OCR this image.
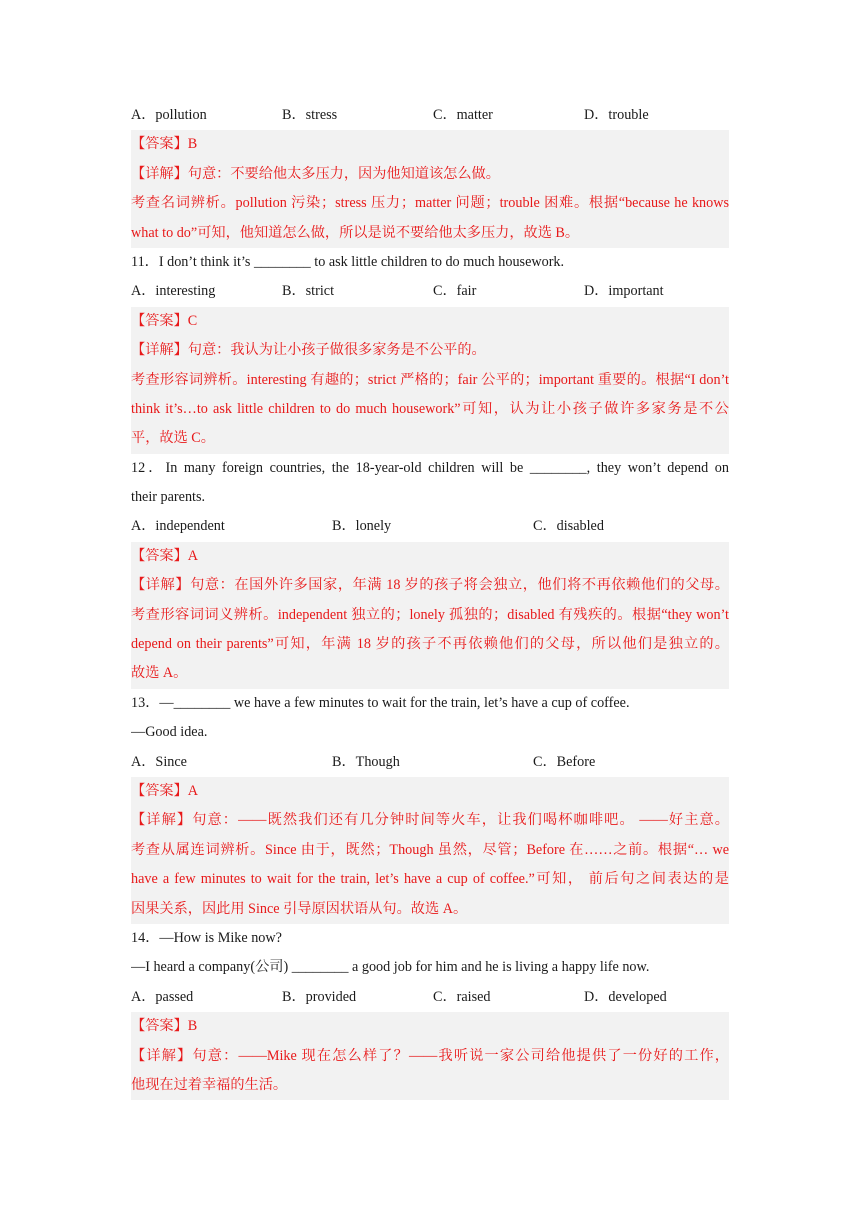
A．pollution	B．stress	C．matter	D．trouble
【答案】B
【详解】句意：不要给他太多压力，因为他知道该怎么做。
考查名词辨析。pollution 污染；stress 压力；matter 问题；trouble 困难。根据“because he knows
what to do”可知，他知道怎么做，所以是说不要给他太多压力，故选 B。
11．I don’t think it’s ________ to ask little children to do much housework.
A．interesting	B．strict	C．fair	D．important
【答案】C
【详解】句意：我认为让小孩子做很多家务是不公平的。
考查形容词辨析。interesting 有趣的；strict 严格的；fair 公平的；important 重要的。根据“I don’t
think it’s…to ask little children to do much housework”可知，认为让小孩子做许多家务是不公
平，故选 C。
12．In many foreign countries, the 18-year-old children will be ________, they won’t depend on
their parents.
A．independent	B．lonely	C．disabled
【答案】A
【详解】句意：在国外许多国家，年满 18 岁的孩子将会独立，他们将不再依赖他们的父母。
考查形容词词义辨析。independent 独立的；lonely 孤独的；disabled 有残疾的。根据“they won’t
depend on their parents”可知，年满 18 岁的孩子不再依赖他们的父母，所以他们是独立的。
故选 A。
13．—________ we have a few minutes to wait for the train, let’s have a cup of coffee.
—Good idea.
A．Since	B．Though	C．Before
【答案】A
【详解】句意：——既然我们还有几分钟时间等火车，让我们喝杯咖啡吧。 ——好主意。
考查从属连词辨析。Since 由于，既然；Though 虽然，尽管；Before 在……之前。根据“… we
have a few minutes to wait for the train, let’s have a cup of coffee.”可知， 前后句之间表达的是
因果关系，因此用 Since 引导原因状语从句。故选 A。
14．—How is Mike now?
—I heard a company(公司) ________ a good job for him and he is living a happy life now.
A．passed	B．provided	C．raised	D．developed
【答案】B
【详解】句意：——Mike 现在怎么样了？——我听说一家公司给他提供了一份好的工作，
他现在过着幸福的生活。
